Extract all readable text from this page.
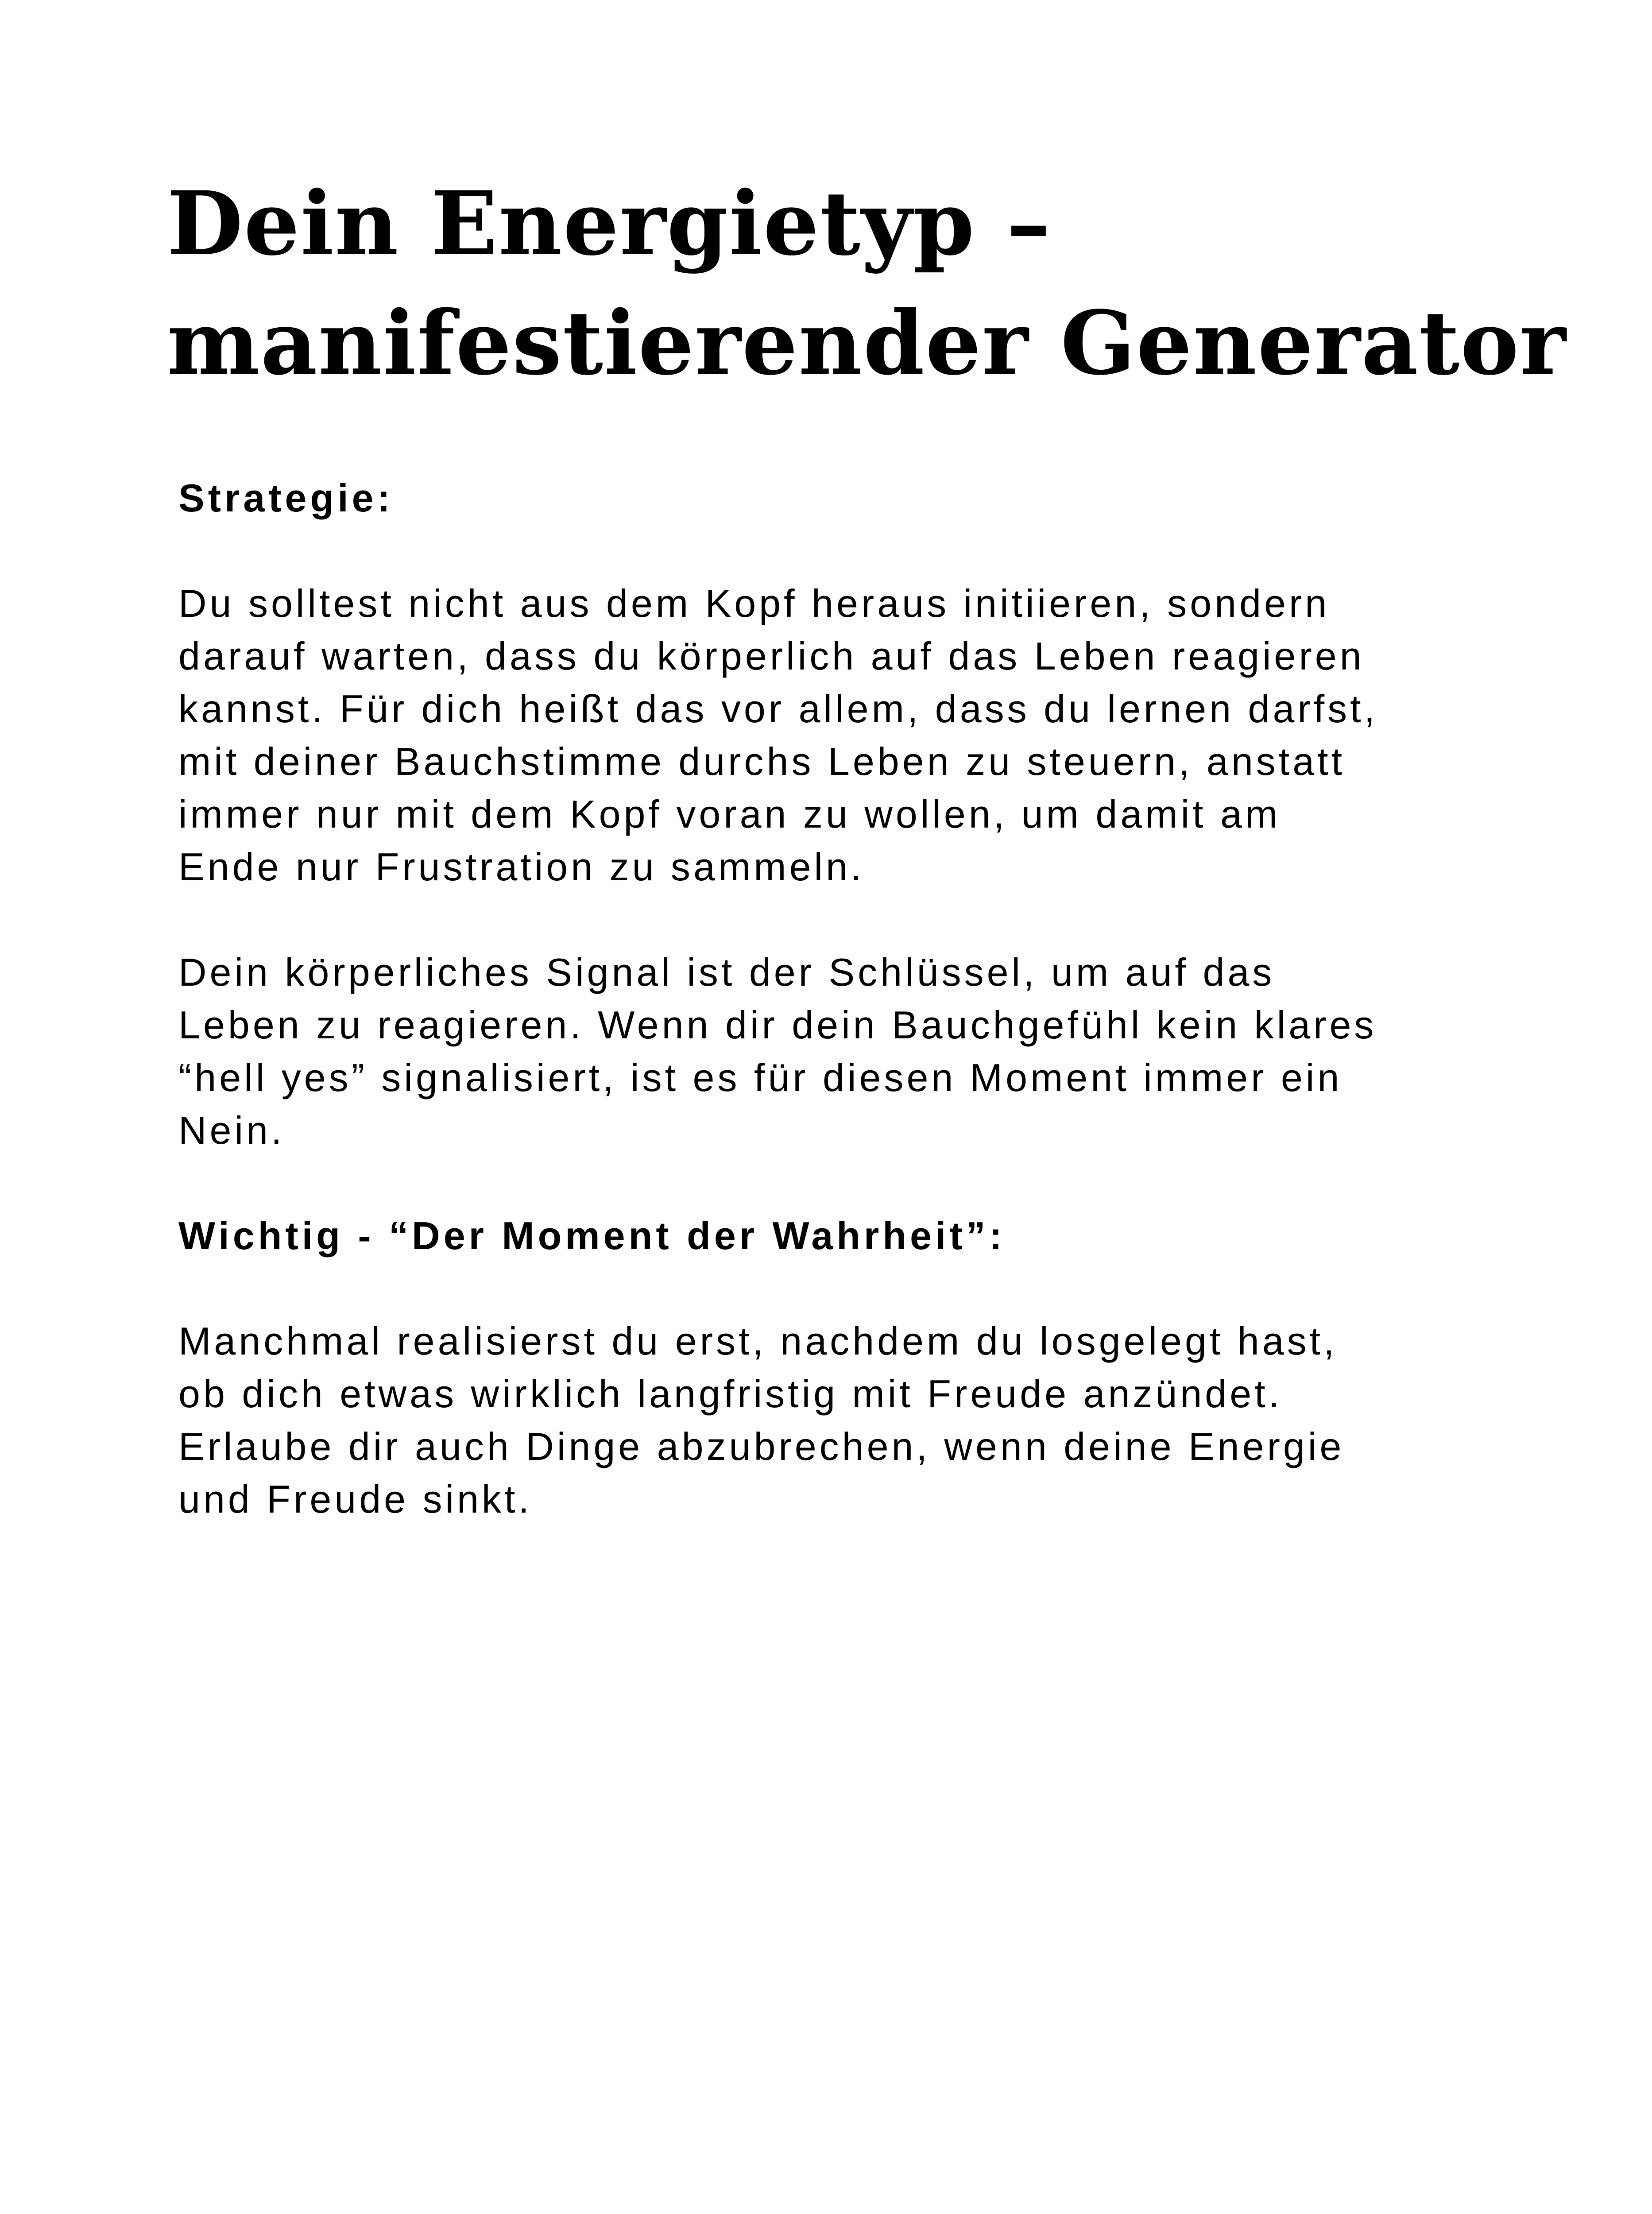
Dein Energietyp –
manifestierender Generator
Strategie:
Du solltest nicht aus dem Kopf heraus initiieren, sondern
darauf warten, dass du körperlich auf das Leben reagieren
kannst. Für dich heißt das vor allem, dass du lernen darfst,
mit deiner Bauchstimme durchs Leben zu steuern, anstatt
immer nur mit dem Kopf voran zu wollen, um damit am
Ende nur Frustration zu sammeln.
Dein körperliches Signal ist der Schlüssel, um auf das
Leben zu reagieren. Wenn dir dein Bauchgefühl kein klares
“hell yes” signalisiert, ist es für diesen Moment immer ein
Nein.
Wichtig - “Der Moment der Wahrheit”:
Manchmal realisierst du erst, nachdem du losgelegt hast,
ob dich etwas wirklich langfristig mit Freude anzündet.
Erlaube dir auch Dinge abzubrechen, wenn deine Energie
und Freude sinkt.
